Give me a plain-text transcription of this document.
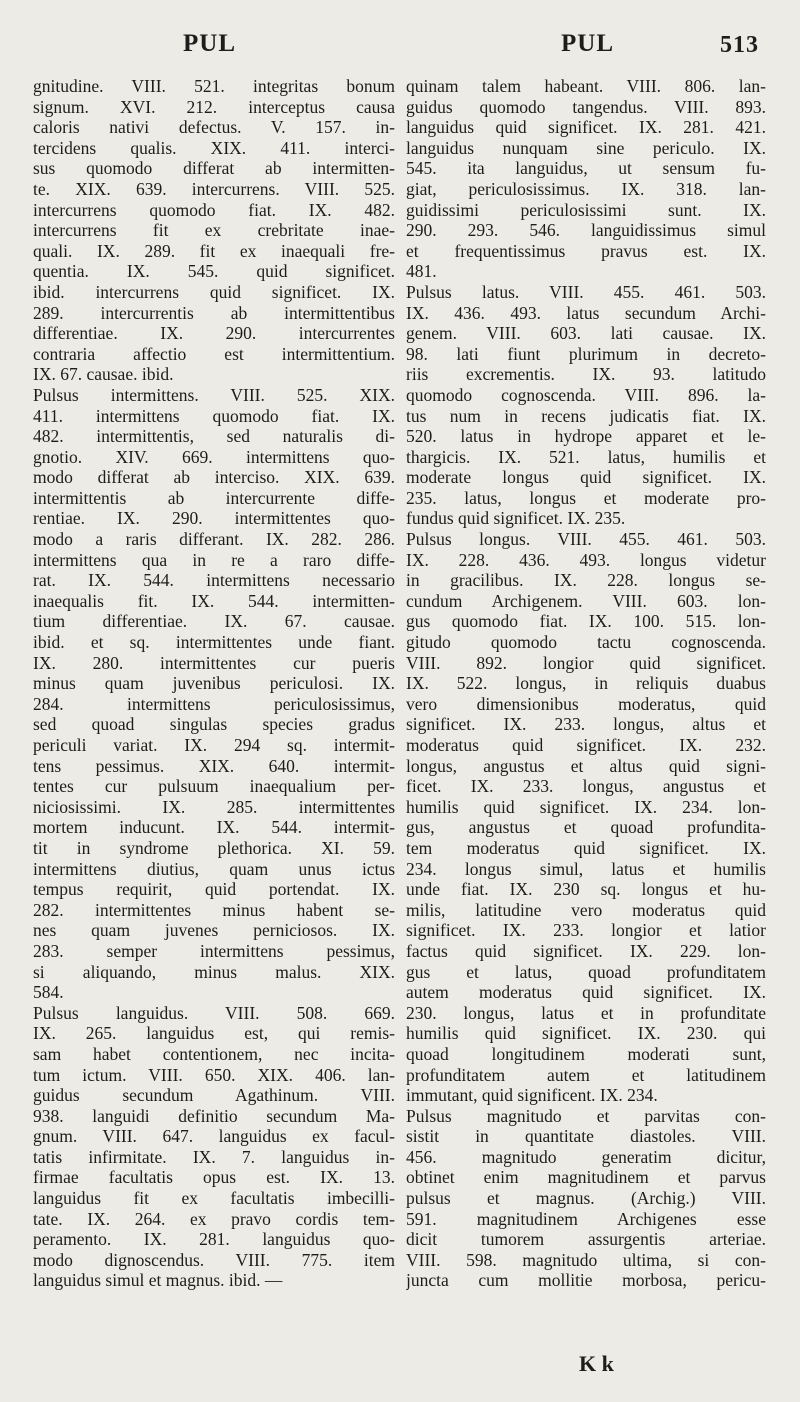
PUL	PUL	513
gnitudine. VIII. 521. integritas bonum
signum. XVI. 212. interceptus causa
caloris nativi defectus. V. 157. in-
tercidens qualis. XIX. 411. interci-
sus quomodo differat ab intermitten-
te. XIX. 639. intercurrens. VIII. 525.
intercurrens quomodo fiat. IX. 482.
intercurrens fit ex crebritate inae-
quali. IX. 289. fit ex inaequali fre-
quentia. IX. 545. quid significet.
ibid. intercurrens quid significet. IX.
289. intercurrentis ab intermittentibus
differentiae. IX. 290. intercurrentes
contraria affectio est intermittentium.
IX. 67. causae. ibid.
Pulsus intermittens. VIII. 525. XIX.
411. intermittens quomodo fiat. IX.
482. intermittentis, sed naturalis di-
gnotio. XIV. 669. intermittens quo-
modo differat ab interciso. XIX. 639.
intermittentis ab intercurrente diffe-
rentiae. IX. 290. intermittentes quo-
modo a raris differant. IX. 282. 286.
intermittens qua in re a raro diffe-
rat. IX. 544. intermittens necessario
inaequalis fit. IX. 544. intermitten-
tium differentiae. IX. 67. causae.
ibid. et sq. intermittentes unde fiant.
IX. 280. intermittentes cur pueris
minus quam juvenibus periculosi. IX.
284. intermittens periculosissimus,
sed quoad singulas species gradus
periculi variat. IX. 294 sq. intermit-
tens pessimus. XIX. 640. intermit-
tentes cur pulsuum inaequalium per-
niciosissimi. IX. 285. intermittentes
mortem inducunt. IX. 544. intermit-
tit in syndrome plethorica. XI. 59.
intermittens diutius, quam unus ictus
tempus requirit, quid portendat. IX.
282. intermittentes minus habent se-
nes quam juvenes perniciosos. IX.
283. semper intermittens pessimus,
si aliquando, minus malus. XIX.
584.
Pulsus languidus. VIII. 508. 669.
IX. 265. languidus est, qui remis-
sam habet contentionem, nec incita-
tum ictum. VIII. 650. XIX. 406. lan-
guidus secundum Agathinum. VIII.
938. languidi definitio secundum Ma-
gnum. VIII. 647. languidus ex facul-
tatis infirmitate. IX. 7. languidus in-
firmae facultatis opus est. IX. 13.
languidus fit ex facultatis imbecilli-
tate. IX. 264. ex pravo cordis tem-
peramento. IX. 281. languidus quo-
modo dignoscendus. VIII. 775. item
languidus simul et magnus. ibid. —
quinam talem habeant. VIII. 806. lan-
guidus quomodo tangendus. VIII. 893.
languidus quid significet. IX. 281. 421.
languidus nunquam sine periculo. IX.
545. ita languidus, ut sensum fu-
giat, periculosissimus. IX. 318. lan-
guidissimi periculosissimi sunt. IX.
290. 293. 546. languidissimus simul
et frequentissimus pravus est. IX.
481.
Pulsus latus. VIII. 455. 461. 503.
IX. 436. 493. latus secundum Archi-
genem. VIII. 603. lati causae. IX.
98. lati fiunt plurimum in decreto-
riis excrementis. IX. 93. latitudo
quomodo cognoscenda. VIII. 896. la-
tus num in recens judicatis fiat. IX.
520. latus in hydrope apparet et le-
thargicis. IX. 521. latus, humilis et
moderate longus quid significet. IX.
235. latus, longus et moderate pro-
fundus quid significet. IX. 235.
Pulsus longus. VIII. 455. 461. 503.
IX. 228. 436. 493. longus videtur
in gracilibus. IX. 228. longus se-
cundum Archigenem. VIII. 603. lon-
gus quomodo fiat. IX. 100. 515. lon-
gitudo quomodo tactu cognoscenda.
VIII. 892. longior quid significet.
IX. 522. longus, in reliquis duabus
vero dimensionibus moderatus, quid
significet. IX. 233. longus, altus et
moderatus quid significet. IX. 232.
longus, angustus et altus quid signi-
ficet. IX. 233. longus, angustus et
humilis quid significet. IX. 234. lon-
gus, angustus et quoad profundita-
tem moderatus quid significet. IX.
234. longus simul, latus et humilis
unde fiat. IX. 230 sq. longus et hu-
milis, latitudine vero moderatus quid
significet. IX. 233. longior et latior
factus quid significet. IX. 229. lon-
gus et latus, quoad profunditatem
autem moderatus quid significet. IX.
230. longus, latus et in profunditate
humilis quid significet. IX. 230. qui
quoad longitudinem moderati sunt,
profunditatem autem et latitudinem
immutant, quid significent. IX. 234.
Pulsus magnitudo et parvitas con-
sistit in quantitate diastoles. VIII.
456. magnitudo generatim dicitur,
obtinet enim magnitudinem et parvus
pulsus et magnus. (Archig.) VIII.
591. magnitudinem Archigenes esse
dicit tumorem assurgentis arteriae.
VIII. 598. magnitudo ultima, si con-
juncta cum mollitie morbosa, pericu-
K k
